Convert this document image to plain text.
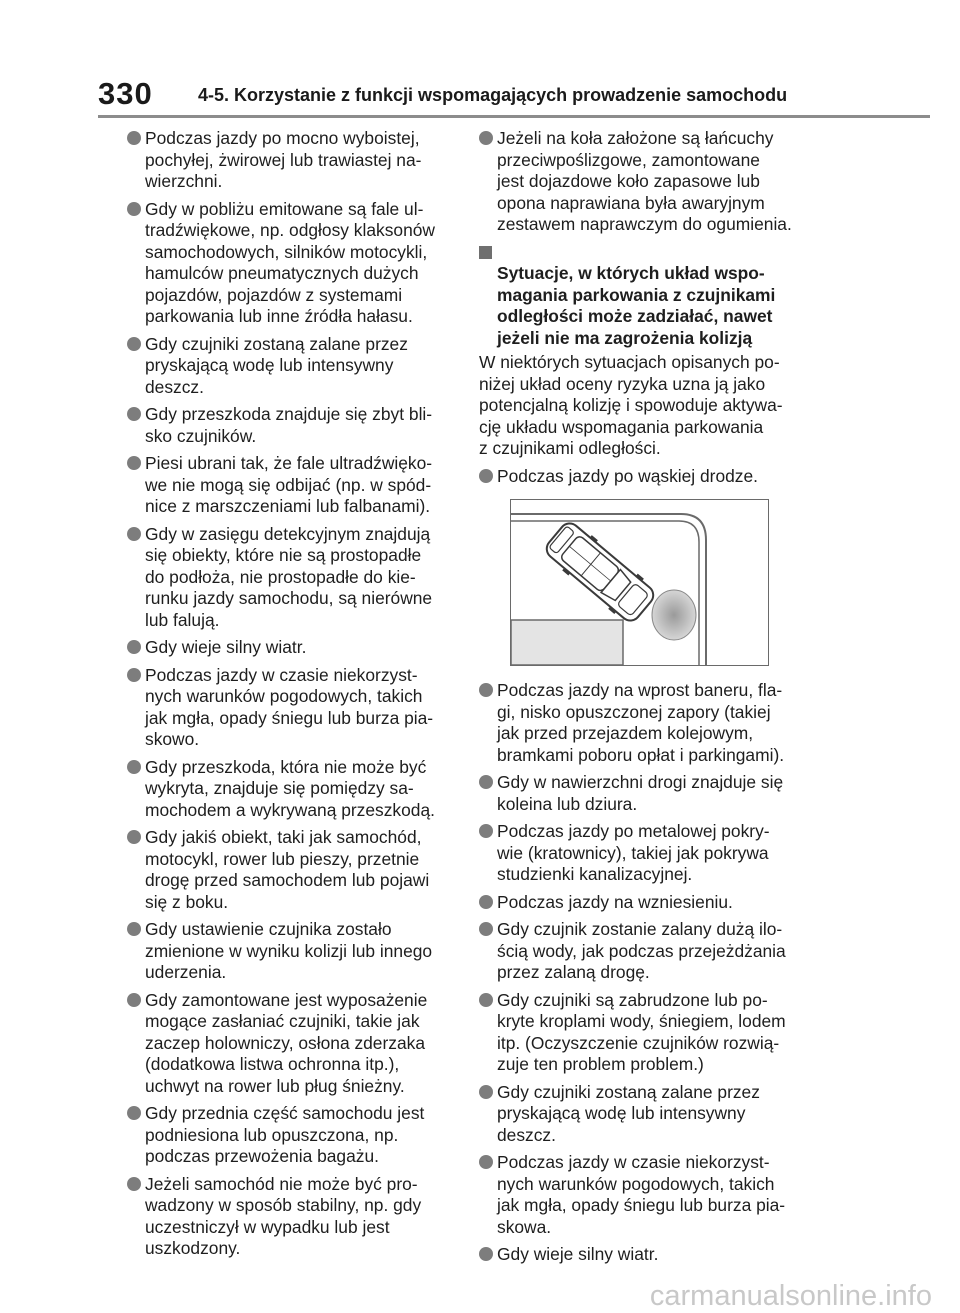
330	4-5. Korzystanie z funkcji wspomagających prowadzenie samochodu
Podczas jazdy po mocno wyboistej,
pochyłej, żwirowej lub trawiastej na-
wierzchni.
Gdy w pobliżu emitowane są fale ul-
tradźwiękowe, np. odgłosy klaksonów
samochodowych, silników motocykli,
hamulców pneumatycznych dużych
pojazdów, pojazdów z systemami
parkowania lub inne źródła hałasu.
Gdy czujniki zostaną zalane przez
pryskającą wodę lub intensywny
deszcz.
Gdy przeszkoda znajduje się zbyt bli-
sko czujników.
Piesi ubrani tak, że fale ultradźwięko-
we nie mogą się odbijać (np. w spód-
nice z marszczeniami lub falbanami).
Gdy w zasięgu detekcyjnym znajdują
się obiekty, które nie są prostopadłe
do podłoża, nie prostopadłe do kie-
runku jazdy samochodu, są nierówne
lub falują.
Gdy wieje silny wiatr.
Podczas jazdy w czasie niekorzyst-
nych warunków pogodowych, takich
jak mgła, opady śniegu lub burza pia-
skowo.
Gdy przeszkoda, która nie może być
wykryta, znajduje się pomiędzy sa-
mochodem a wykrywaną przeszkodą.
Gdy jakiś obiekt, taki jak samochód,
motocykl, rower lub pieszy, przetnie
drogę przed samochodem lub pojawi
się z boku.
Gdy ustawienie czujnika zostało
zmienione w wyniku kolizji lub innego
uderzenia.
Gdy zamontowane jest wyposażenie
mogące zasłaniać czujniki, takie jak
zaczep holowniczy, osłona zderzaka
(dodatkowa listwa ochronna itp.),
uchwyt na rower lub pług śnieżny.
Gdy przednia część samochodu jest
podniesiona lub opuszczona, np.
podczas przewożenia bagażu.
Jeżeli samochód nie może być pro-
wadzony w sposób stabilny, np. gdy
uczestniczył w wypadku lub jest
uszkodzony.
Jeżeli na koła założone są łańcuchy
przeciwpoślizgowe, zamontowane
jest dojazdowe koło zapasowe lub
opona naprawiana była awaryjnym
zestawem naprawczym do ogumienia.

Sytuacje, w których układ wspo-
magania parkowania z czujnikami
odległości może zadziałać, nawet
jeżeli nie ma zagrożenia kolizją

W niektórych sytuacjach opisanych po-
niżej układ oceny ryzyka uzna ją jako
potencjalną kolizję i spowoduje aktywa-
cję układu wspomagania parkowania
z czujnikami odległości.
Podczas jazdy po wąskiej drodze.
Podczas jazdy na wprost baneru, fla-
gi, nisko opuszczonej zapory (takiej
jak przed przejazdem kolejowym,
bramkami poboru opłat i parkingami).
Gdy w nawierzchni drogi znajduje się
koleina lub dziura.
Podczas jazdy po metalowej pokry-
wie (kratownicy), takiej jak pokrywa
studzienki kanalizacyjnej.
Podczas jazdy na wzniesieniu.
Gdy czujnik zostanie zalany dużą ilo-
ścią wody, jak podczas przejeżdżania
przez zalaną drogę.
Gdy czujniki są zabrudzone lub po-
kryte kroplami wody, śniegiem, lodem
itp. (Oczyszczenie czujników rozwią-
zuje ten problem problem.)
Gdy czujniki zostaną zalane przez
pryskającą wodę lub intensywny
deszcz.
Podczas jazdy w czasie niekorzyst-
nych warunków pogodowych, takich
jak mgła, opady śniegu lub burza pia-
skowa.
Gdy wieje silny wiatr.
carmanualsonline.info
